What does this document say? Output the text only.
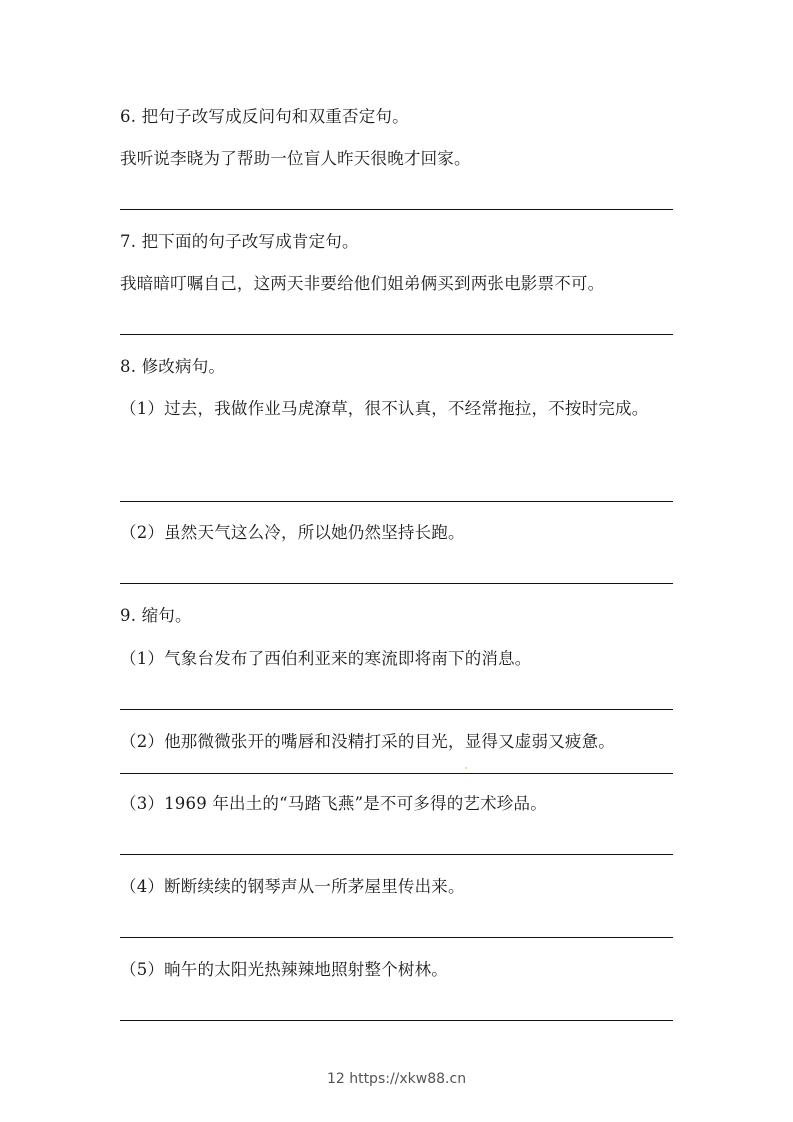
6. 把句子改写成反问句和双重否定句。
我听说李晓为了帮助一位盲人昨天很晚才回家。
7. 把下面的句子改写成肯定句。
我暗暗叮嘱自己，这两天非要给他们姐弟俩买到两张电影票不可。
8. 修改病句。
（1）过去，我做作业马虎潦草，很不认真，不经常拖拉，不按时完成。
（2）虽然天气这么冷，所以她仍然坚持长跑。
9. 缩句。
（1）气象台发布了西伯利亚来的寒流即将南下的消息。
（2）他那微微张开的嘴唇和没精打采的目光，显得又虚弱又疲惫。
（3）1969 年出土的“马踏飞燕”是不可多得的艺术珍品。
（4）断断续续的钢琴声从一所茅屋里传出来。
（5）晌午的太阳光热辣辣地照射整个树林。
12 https://xkw88.cn
